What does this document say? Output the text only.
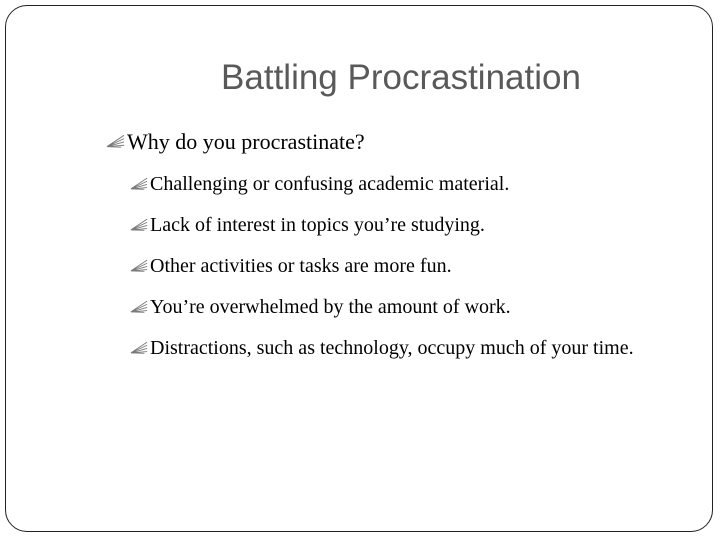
Battling Procrastination
Why do you procrastinate?
Challenging or confusing academic material.
Lack of interest in topics you’re studying.
Other activities or tasks are more fun.
You’re overwhelmed by the amount of work.
Distractions, such as technology, occupy much of your time.
